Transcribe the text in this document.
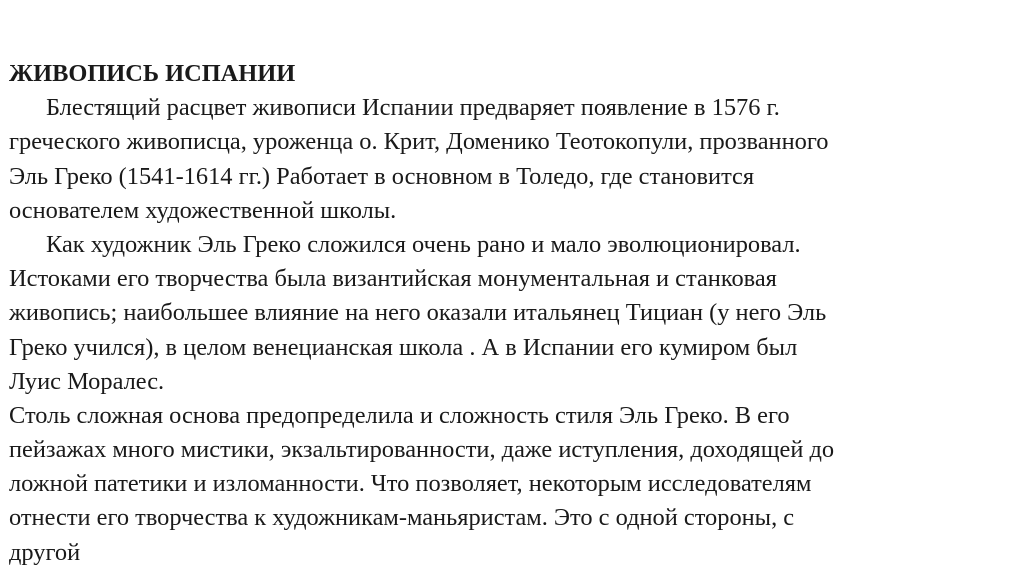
ЖИВОПИСЬ ИСПАНИИ
Блестящий расцвет живописи Испании предваряет появление в 1576 г.
греческого живописца, уроженца о. Крит, Доменико Теотокопули, прозванного
Эль Греко (1541-1614 гг.) Работает в основном в Толедо, где становится
основателем художественной школы.
Как художник Эль Греко сложился очень рано и мало эволюционировал.
Истоками его творчества была византийская монументальная и станковая
живопись; наибольшее влияние на него оказали итальянец Тициан (у него Эль
Греко учился), в целом венецианская школа . А в Испании его кумиром был
Луис Моралес.
Столь сложная основа предопределила и сложность стиля Эль Греко. В его
пейзажах много мистики, экзальтированности, даже иступления, доходящей до
ложной патетики и изломанности. Что позволяет, некоторым исследователям
отнести его творчества к художникам-маньяристам. Это с одной стороны, с
другой
